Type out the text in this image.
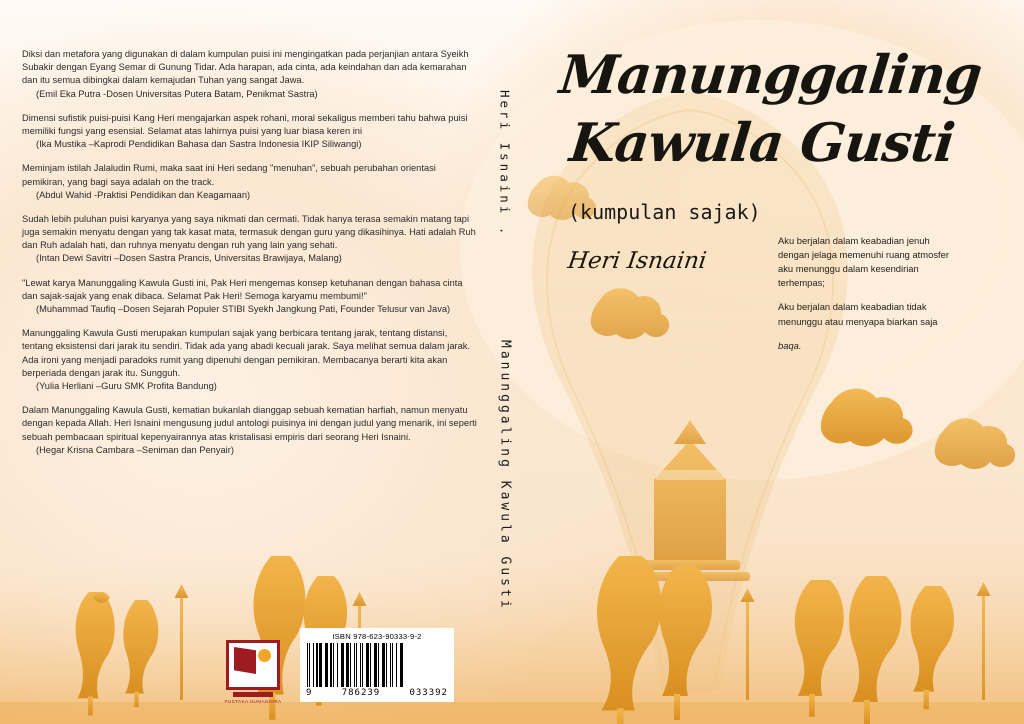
Diksi dan metafora yang digunakan di dalam kumpulan puisi ini mengingatkan pada perjanjian antara Syeikh Subakir dengan Eyang Semar di Gunung Tidar. Ada harapan, ada cinta, ada keindahan dan ada kemarahan dan itu semua dibingkai dalam kemajudan Tuhan yang sangat Jawa.

(Emil Eka Putra -Dosen Universitas Putera Batam, Penikmat Sastra)

Dimensi sufistik puisi-puisi Kang Heri mengajarkan aspek rohani, moral sekaligus memberi tahu bahwa puisi memiliki fungsi yang esensial. Selamat atas lahirnya puisi yang luar biasa keren ini

(Ika Mustika –Kaprodi Pendidikan Bahasa dan Sastra Indonesia IKIP Siliwangi)

Meminjam istilah Jalaludin Rumi, maka saat ini Heri sedang "menuhan", sebuah perubahan orientasi pemikiran, yang bagi saya adalah on the track.

(Abdul Wahid -Praktisi Pendidikan dan Keagamaan)

Sudah lebih puluhan puisi karyanya yang saya nikmati dan cermati. Tidak hanya terasa semakin matang tapi juga semakin menyatu dengan yang tak kasat mata, termasuk dengan guru yang dikasihinya. Hati adalah Ruh dan Ruh adalah hati, dan ruhnya menyatu dengan ruh yang lain yang sehati.

(Intan Dewi Savitri –Dosen Sastra Prancis, Universitas Brawijaya, Malang)

"Lewat karya Manunggaling Kawula Gusti ini, Pak Heri mengemas konsep ketuhanan dengan bahasa cinta dan sajak-sajak yang enak dibaca. Selamat Pak Heri! Semoga karyamu membumi!"

(Muhammad Taufiq –Dosen Sejarah Populer STIBI Syekh Jangkung Pati, Founder Telusur van Java)

Manunggaling Kawula Gusti merupakan kumpulan sajak yang berbicara tentang jarak, tentang distansi, tentang eksistensi dari jarak itu sendiri. Tidak ada yang abadi kecuali jarak. Saya melihat semua dalam jarak. Ada ironi yang menjadi paradoks rumit yang dipenuhi dengan pemikiran. Membacanya berarti kita akan berperiada dengan jarak itu. Sungguh.

(Yulia Herliani –Guru SMK Profita Bandung)

Dalam Manunggaling Kawula Gusti, kematian bukanlah dianggap sebuah kematian harfiah, namun menyatu dengan kepada Allah. Heri Isnaini mengusung judul antologi puisinya ini dengan judul yang menarik, ini seperti sebuah pembacaan spiritual kepenyairannya atas kristalisasi empiris dari seorang Heri Isnaini.

(Hegar Krisna Cambara –Seniman dan Penyair)

Heri Isnaini .
Manunggaling Kawula Gusti
Manunggaling
Kawula Gusti
(kumpulan sajak)
Heri Isnaini

Aku berjalan dalam keabadian jenuh dengan jelaga memenuhi ruang atmosfer aku menunggu dalam kesendirian terhempas;

Aku berjalan dalam keabadian tidak menunggu atau menyapa biarkan saja

baqa.

PUSTAKA HUMANIORA
ISBN 978-623-90333-9-2
9	786239	033392
